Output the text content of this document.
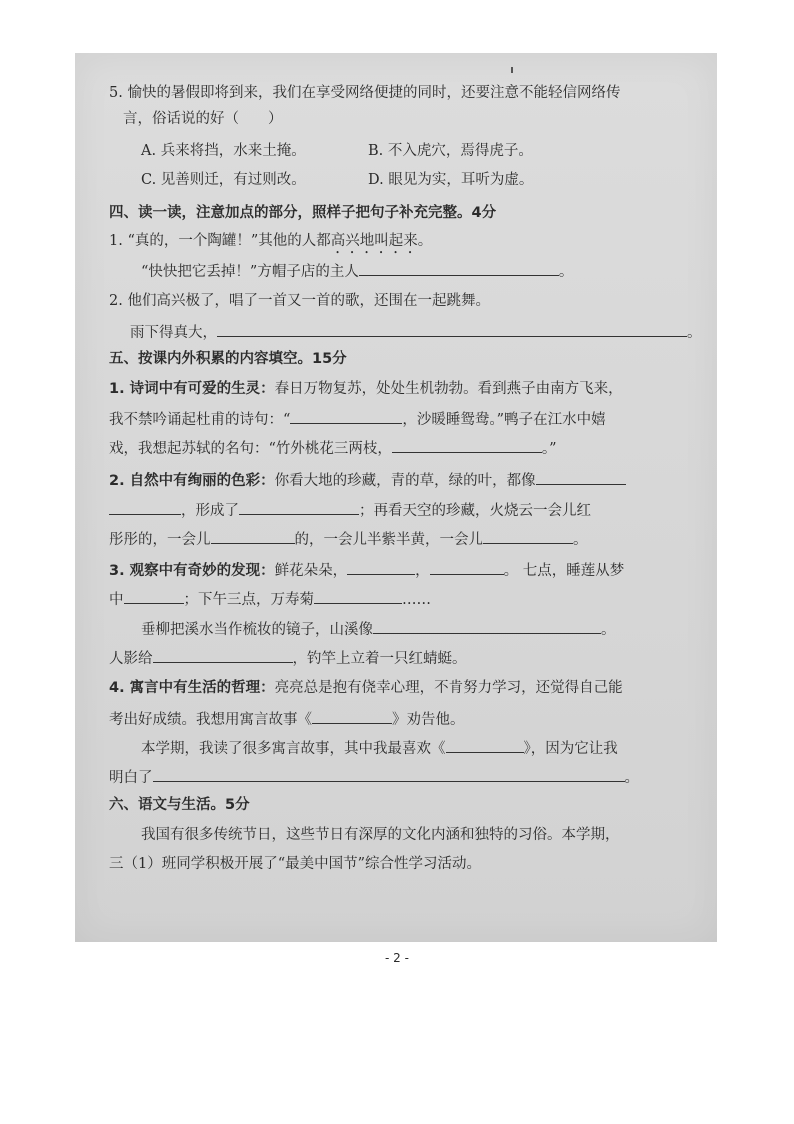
5. 愉快的暑假即将到来，我们在享受网络便捷的同时，还要注意不能轻信网络传
言，俗话说的好（　　）
A. 兵来将挡，水来土掩。	B. 不入虎穴，焉得虎子。
C. 见善则迁，有过则改。	D. 眼见为实，耳听为虚。
四、读一读，注意加点的部分，照样子把句子补充完整。4分
1. “真的，一个陶罐！”其他的人都高兴地叫起来。
“快快把它丢掉！”方帽子店的主人	。
2. 他们高兴极了，唱了一首又一首的歌，还围在一起跳舞。
雨下得真大，	。
五、按课内外积累的内容填空。15分
1. 诗词中有可爱的生灵：春日万物复苏，处处生机勃勃。看到燕子由南方飞来，
我不禁吟诵起杜甫的诗句：“	，沙暖睡鸳鸯。”鸭子在江水中嬉
戏，我想起苏轼的名句：“竹外桃花三两枝，	。”
2. 自然中有绚丽的色彩：你看大地的珍藏，青的草，绿的叶，都像
，形成了	；再看天空的珍藏，火烧云一会儿红
彤彤的，一会儿	的，一会儿半紫半黄，一会儿	。
3. 观察中有奇妙的发现：鲜花朵朵，	，	。 七点，睡莲从梦
中	；下午三点，万寿菊	……
垂柳把溪水当作梳妆的镜子，山溪像	。
人影给	，钓竿上立着一只红蜻蜓。
4. 寓言中有生活的哲理：亮亮总是抱有侥幸心理，不肯努力学习，还觉得自己能
考出好成绩。我想用寓言故事《	》劝告他。
本学期，我读了很多寓言故事，其中我最喜欢《	》，因为它让我
明白了	。
六、语文与生活。5分
我国有很多传统节日，这些节日有深厚的文化内涵和独特的习俗。本学期，
三（1）班同学积极开展了“最美中国节”综合性学习活动。
- 2 -
